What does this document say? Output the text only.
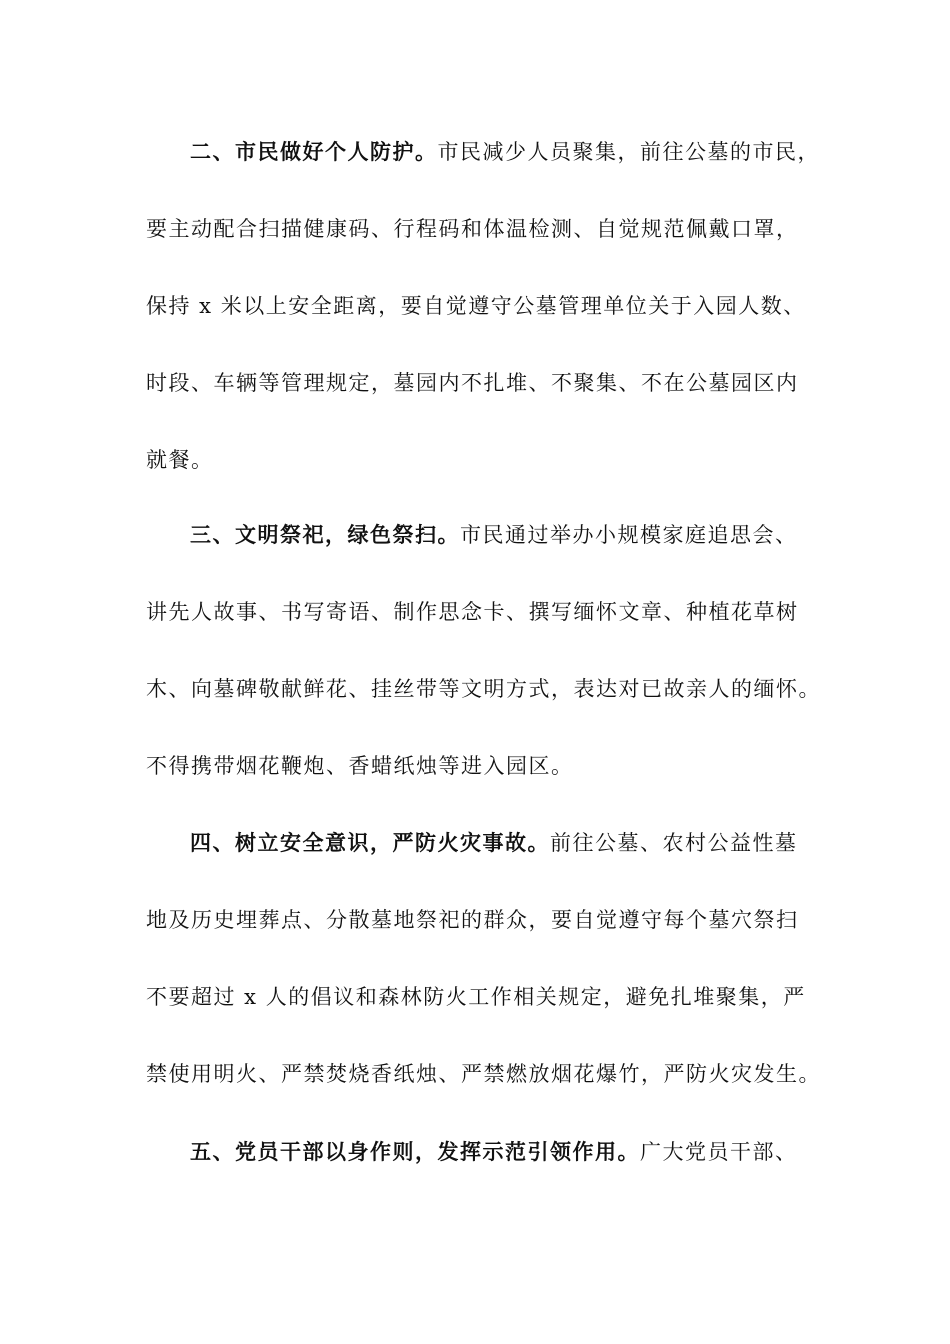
二、市民做好个人防护。市民减少人员聚集，前往公墓的市民，
要主动配合扫描健康码、行程码和体温检测、自觉规范佩戴口罩，
保持 x 米以上安全距离，要自觉遵守公墓管理单位关于入园人数、
时段、车辆等管理规定，墓园内不扎堆、不聚集、不在公墓园区内
就餐。
三、文明祭祀，绿色祭扫。市民通过举办小规模家庭追思会、
讲先人故事、书写寄语、制作思念卡、撰写缅怀文章、种植花草树
木、向墓碑敬献鲜花、挂丝带等文明方式，表达对已故亲人的缅怀。
不得携带烟花鞭炮、香蜡纸烛等进入园区。
四、树立安全意识，严防火灾事故。前往公墓、农村公益性墓
地及历史埋葬点、分散墓地祭祀的群众，要自觉遵守每个墓穴祭扫
不要超过 x 人的倡议和森林防火工作相关规定，避免扎堆聚集，严
禁使用明火、严禁焚烧香纸烛、严禁燃放烟花爆竹，严防火灾发生。
五、党员干部以身作则，发挥示范引领作用。广大党员干部、
